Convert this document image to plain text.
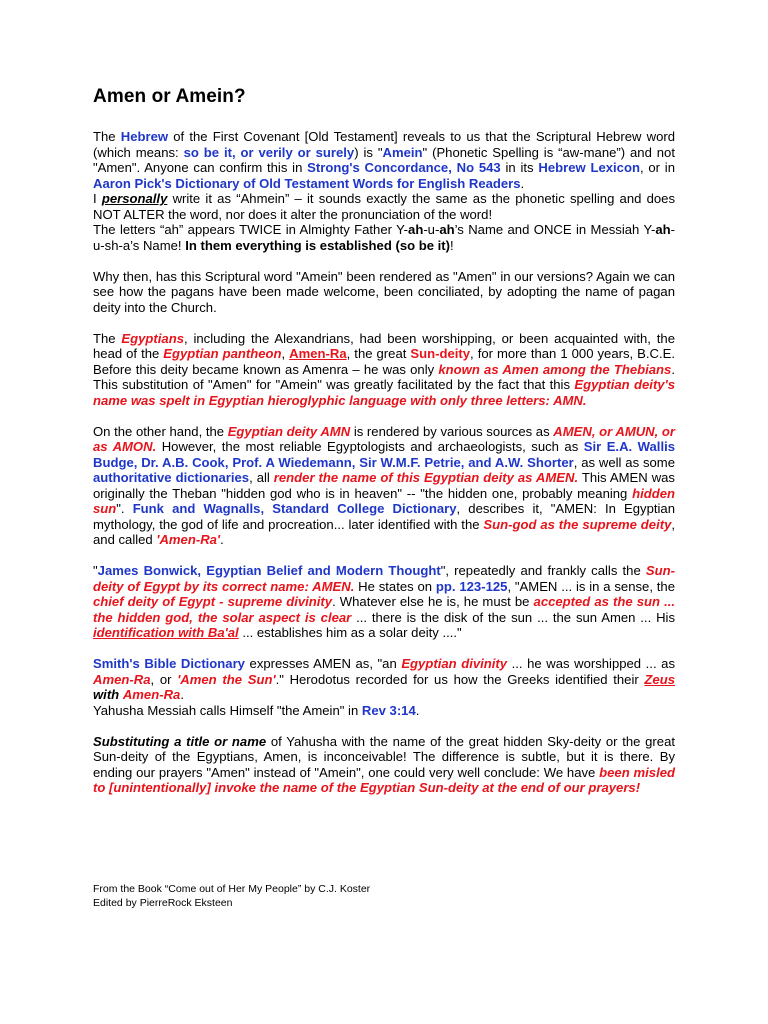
Amen or Amein?

The Hebrew of the First Covenant [Old Testament] reveals to us that the Scriptural Hebrew word (which means: so be it, or verily or surely) is "Amein" (Phonetic Spelling is “aw-mane”) and not "Amen". Anyone can confirm this in Strong's Concordance, No 543 in its Hebrew Lexicon, or in Aaron Pick's Dictionary of Old Testament Words for English Readers.

I personally write it as “Ahmein” – it sounds exactly the same as the phonetic spelling and does NOT ALTER the word, nor does it alter the pronunciation of the word!

The letters “ah” appears TWICE in Almighty Father Y-ah-u-ah’s Name and ONCE in Messiah Y-ah-u-sh-a’s Name! In them everything is established (so be it)!

Why then, has this Scriptural word "Amein" been rendered as "Amen" in our versions? Again we can see how the pagans have been made welcome, been conciliated, by adopting the name of pagan deity into the Church.

The Egyptians, including the Alexandrians, had been worshipping, or been acquainted with, the head of the Egyptian pantheon, Amen-Ra, the great Sun-deity, for more than 1 000 years, B.C.E. Before this deity became known as Amenra – he was only known as Amen among the Thebians. This substitution of "Amen" for "Amein" was greatly facilitated by the fact that this Egyptian deity's name was spelt in Egyptian hieroglyphic language with only three letters: AMN.

On the other hand, the Egyptian deity AMN is rendered by various sources as AMEN, or AMUN, or as AMON. However, the most reliable Egyptologists and archaeologists, such as Sir E.A. Wallis Budge, Dr. A.B. Cook, Prof. A Wiedemann, Sir W.M.F. Petrie, and A.W. Shorter, as well as some authoritative dictionaries, all render the name of this Egyptian deity as AMEN. This AMEN was originally the Theban "hidden god who is in heaven" -- "the hidden one, probably meaning hidden sun". Funk and Wagnalls, Standard College Dictionary, describes it, "AMEN: In Egyptian mythology, the god of life and procreation... later identified with the Sun-god as the supreme deity, and called 'Amen-Ra'.

"James Bonwick, Egyptian Belief and Modern Thought", repeatedly and frankly calls the Sun-deity of Egypt by its correct name: AMEN. He states on pp. 123-125, "AMEN ... is in a sense, the chief deity of Egypt - supreme divinity. Whatever else he is, he must be accepted as the sun ... the hidden god, the solar aspect is clear ... there is the disk of the sun ... the sun Amen ... His identification with Ba'al ... establishes him as a solar deity ...."

Smith's Bible Dictionary expresses AMEN as, "an Egyptian divinity ... he was worshipped ... as Amen-Ra, or 'Amen the Sun'." Herodotus recorded for us how the Greeks identified their Zeus with Amen-Ra.

Yahusha Messiah calls Himself "the Amein" in Rev 3:14.

Substituting a title or name of Yahusha with the name of the great hidden Sky-deity or the great Sun-deity of the Egyptians, Amen, is inconceivable! The difference is subtle, but it is there. By ending our prayers "Amen" instead of "Amein", one could very well conclude: We have been misled to [unintentionally] invoke the name of the Egyptian Sun-deity at the end of our prayers!

From the Book “Come out of Her My People” by C.J. Koster
Edited by PierreRock Eksteen
